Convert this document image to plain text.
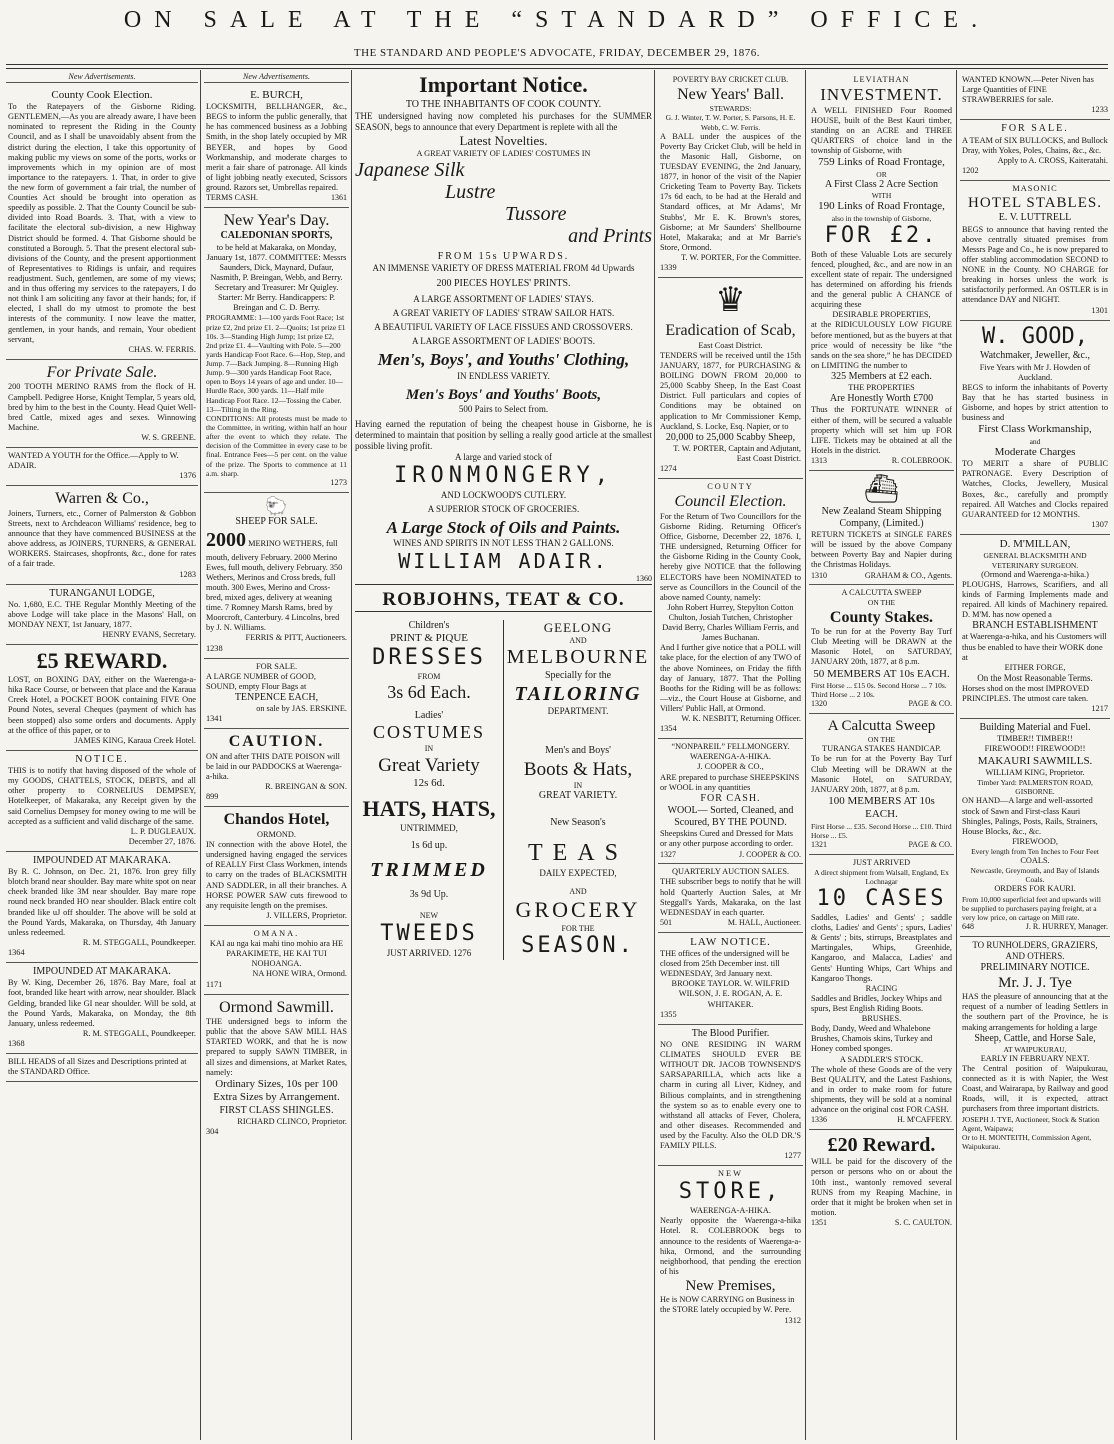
ON SALE AT THE “STANDARD” OFFICE.
THE STANDARD AND PEOPLE'S ADVOCATE, FRIDAY, DECEMBER 29, 1876.
New Advertisements.
County Cook Election.
To the Ratepayers of the Gisborne Riding. GENTLEMEN,—As you are already aware, I have been nominated to represent the Riding in the County Council, and as I shall be unavoidably absent from the district during the election, I take this opportunity of making public my views on some of the ports, works or improvements which in my opinion are of most importance to the ratepayers. 1. That, in order to give the new form of government a fair trial, the number of Counties Act should be brought into operation as speedily as possible. 2. That the County Council be sub-divided into Road Boards. 3. That, with a view to facilitate the electoral sub-division, a new Highway District should be formed. 4. That Gisborne should be constituted a Borough. 5. That the present electoral sub-divisions of the County, and the present apportionment of Representatives to Ridings is unfair, and requires readjustment. Such, gentlemen, are some of my views; and in thus offering my services to the ratepayers, I do not think I am soliciting any favor at their hands; for, if elected, I shall do my utmost to promote the best interests of the community. I now leave the matter, gentlemen, in your hands, and remain, Your obedient servant,
CHAS. W. FERRIS.
For Private Sale.
200 TOOTH MERINO RAMS from the flock of H. Campbell. Pedigree Horse, Knight Templar, 5 years old, bred by him to the best in the County. Head Quiet Well-bred Cattle, mixed ages and sexes. Winnowing Machine.
W. S. GREENE.
WANTED A YOUTH for the Office.—Apply to W. ADAIR.
1376
Warren & Co.,
Joiners, Turners, etc., Corner of Palmerston & Gobbon Streets, next to Archdeacon Williams' residence, beg to announce that they have commenced BUSINESS at the above address, as JOINERS, TURNERS, & GENERAL WORKERS. Staircases, shopfronts, &c., done for rates of a fair trade.
1283
TURANGANUI LODGE,
No. 1,680, E.C. THE Regular Monthly Meeting of the above Lodge will take place in the Masons' Hall, on MONDAY NEXT, 1st January, 1877.
HENRY EVANS, Secretary.
£5 REWARD.
LOST, on BOXING DAY, either on the Waerenga-a-hika Race Course, or between that place and the Karaua Creek Hotel, a POCKET BOOK containing FIVE One Pound Notes, several Cheques (payment of which has been stopped) also some orders and documents. Apply at the office of this paper, or to
JAMES KING, Karaua Creek Hotel.
NOTICE.
THIS is to notify that having disposed of the whole of my GOODS, CHATTELS, STOCK, DEBTS, and all other property to CORNELIUS DEMPSEY, Hotelkeeper, of Makaraka, any Receipt given by the said Cornelius Dempsey for money owing to me will be accepted as a sufficient and valid discharge of the same.
L. P. DUGLEAUX.
December 27, 1876.
IMPOUNDED AT MAKARAKA.
By R. C. Johnson, on Dec. 21, 1876. Iron grey filly blotch brand near shoulder. Bay mare white spot on near cheek branded like 3M near shoulder. Bay mare rope round neck branded HO near shoulder. Black entire colt branded like uJ off shoulder. The above will be sold at the Pound Yards, Makaraka, on Thursday, 4th January unless redeemed.
R. M. STEGGALL, Poundkeeper.
1364
IMPOUNDED AT MAKARAKA.
By W. King, December 26, 1876. Bay Mare, foal at foot, branded like heart with arrow, near shoulder. Black Gelding, branded like GI near shoulder. Will be sold, at the Pound Yards, Makaraka, on Monday, the 8th January, unless redeemed.
R. M. STEGGALL, Poundkeeper.
1368
BILL HEADS of all Sizes and Descriptions printed at the STANDARD Office.
New Advertisements.
E. BURCH,
LOCKSMITH, BELLHANGER, &c., BEGS to inform the public generally, that he has commenced business as a Jobbing Smith, in the shop lately occupied by MR BEYER, and hopes by Good Workmanship, and moderate charges to merit a fair share of patronage. All kinds of light jobbing neatly executed, Scissors ground. Razors set, Umbrellas repaired.
TERMS CASH.	1361
New Year's Day.
CALEDONIAN SPORTS,
to be held at Makaraka, on Monday, January 1st, 1877. COMMITTEE: Messrs Saunders, Dick, Maynard, Dufaur, Nasmith, P. Breingan, Webb, and Berry. Secretary and Treasurer: Mr Quigley. Starter: Mr Berry. Handicappers: P. Breingan and C. D. Berry.
PROGRAMME: 1—100 yards Foot Race; 1st prize £2, 2nd prize £1. 2—Quoits; 1st prize £1 10s. 3—Standing High Jump; 1st prize £2, 2nd prize £1. 4—Vaulting with Pole. 5—200 yards Handicap Foot Race. 6—Hop, Step, and Jump. 7—Back Jumping. 8—Running High Jump. 9—300 yards Handicap Foot Race, open to Boys 14 years of age and under. 10—Hurdle Race, 300 yards. 11—Half mile Handicap Foot Race. 12—Tossing the Caber. 13—Tilting in the Ring.
CONDITIONS: All protests must be made to the Committee, in writing, within half an hour after the event to which they relate. The decision of the Committee in every case to be final. Entrance Fees—5 per cent. on the value of the prize. The Sports to commence at 11 a.m. sharp.
1273
🐑
SHEEP FOR SALE.
2000 MERINO WETHERS, full mouth, delivery February. 2000 Merino Ewes, full mouth, delivery February. 350 Wethers, Merinos and Cross breds, full mouth. 300 Ewes, Merino and Cross-bred, mixed ages, delivery at weaning time. 7 Romney Marsh Rams, bred by Moorcroft, Canterbury. 4 Lincolns, bred by J. N. Williams.
FERRIS & PITT, Auctioneers.
1238
FOR SALE.
A LARGE NUMBER of GOOD, SOUND, empty Flour Bags at
TENPENCE EACH,
on sale by JAS. ERSKINE.
1341
CAUTION.
ON and after THIS DATE POISON will be laid in our PADDOCKS at Waerenga-a-hika.
R. BREINGAN & SON.
899
Chandos Hotel,
ORMOND.
IN connection with the above Hotel, the undersigned having engaged the services of REALLY First Class Workmen, intends to carry on the trades of BLACKSMITH AND SADDLER, in all their branches. A HORSE POWER SAW cuts firewood to any requisite length on the premises.
J. VILLERS, Proprietor.
OMANA.
KAI au nga kai mahi tino mohio ara HE PARAKIMETE, HE KAI TUI NOHOANGA.
NA HONE WIRA, Ormond.
1171
Ormond Sawmill.
THE undersigned begs to inform the public that the above SAW MILL HAS STARTED WORK, and that he is now prepared to supply SAWN TIMBER, in all sizes and dimensions, at Market Rates, namely:
Ordinary Sizes, 10s per 100
Extra Sizes by Arrangement.
FIRST CLASS SHINGLES.
RICHARD CLINCO, Proprietor.
304
Important Notice.
TO THE INHABITANTS OF COOK COUNTY.
THE undersigned having now completed his purchases for the SUMMER SEASON, begs to announce that every Department is replete with all the
Latest Novelties.
A GREAT VARIETY OF LADIES' COSTUMES IN
Japanese Silk
Lustre
Tussore
and Prints
FROM 15s UPWARDS.
AN IMMENSE VARIETY OF DRESS MATERIAL FROM 4d Upwards
200 PIECES HOYLES' PRINTS.
A LARGE ASSORTMENT OF LADIES' STAYS.
A GREAT VARIETY OF LADIES' STRAW SAILOR HATS.
A BEAUTIFUL VARIETY OF LACE FISSUES AND CROSSOVERS.
A LARGE ASSORTMENT OF LADIES' BOOTS.
Men's, Boys', and Youths' Clothing,
IN ENDLESS VARIETY.
Men's Boys' and Youths' Boots,
500 Pairs to Select from.
Having earned the reputation of being the cheapest house in Gisborne, he is determined to maintain that position by selling a really good article at the smallest possible living profit.
A large and varied stock of
IRONMONGERY,
AND LOCKWOOD'S CUTLERY.
A SUPERIOR STOCK OF GROCERIES.
A Large Stock of Oils and Paints.
WINES AND SPIRITS IN NOT LESS THAN 2 GALLONS.
WILLIAM ADAIR.
1360
ROBJOHNS, TEAT & CO.
Children's
PRINT & PIQUE
DRESSES
FROM
3s 6d Each.
Ladies'
COSTUMES
IN
Great Variety
12s 6d.
HATS, HATS,
UNTRIMMED,
1s 6d up.
TRIMMED
3s 9d Up.
NEW
TWEEDS
JUST ARRIVED. 1276
GEELONG
AND
MELBOURNE
Specially for the
TAILORING
DEPARTMENT.
Men's and Boys'
Boots & Hats,
IN
GREAT VARIETY.
New Season's
TEAS
DAILY EXPECTED,
AND
GROCERY
FOR THE
SEASON.
POVERTY BAY CRICKET CLUB.
New Years' Ball.
STEWARDS:
G. J. Winter, T. W. Porter, S. Parsons, H. E. Webb, C. W. Ferris.
A BALL under the auspices of the Poverty Bay Cricket Club, will be held in the Masonic Hall, Gisborne, on TUESDAY EVENING, the 2nd January, 1877, in honor of the visit of the Napier Cricketing Team to Poverty Bay. Tickets 17s 6d each, to be had at the Herald and Standard offices, at Mr Adams', Mr Stubbs', Mr E. K. Brown's stores, Gisborne; at Mr Saunders' Shellbourne Hotel, Makaraka; and at Mr Barrie's Store, Ormond.
T. W. PORTER, For the Committee.
1339
♛
Eradication of Scab,
East Coast District.
TENDERS will be received until the 15th JANUARY, 1877, for PURCHASING & BOILING DOWN FROM 20,000 to 25,000 Scabby Sheep, In the East Coast District. Full particulars and copies of Conditions may be obtained on application to Mr Commissioner Kemp, Auckland, S. Locke, Esq. Napier, or to
20,000 to 25,000 Scabby Sheep,
T. W. PORTER, Captain and Adjutant, East Coast District.
1274
COUNTY
Council Election.
For the Return of Two Councillors for the Gisborne Riding. Returning Officer's Office, Gisborne, December 22, 1876. I, THE undersigned, Returning Officer for the Gisborne Riding in the County Cook, hereby give NOTICE that the following ELECTORS have been NOMINATED to serve as Councillors in the Council of the above named County, namely:
John Robert Hurrey, Stepylton Cotton Chulton, Josiah Tutchen, Christopher David Berry, Charles William Ferris, and James Buchanan.
And I further give notice that a POLL will take place, for the election of any TWO of the above Nominees, on Friday the fifth day of January, 1877. That the Polling Booths for the Riding will be as follows:—viz., the Court House at Gisborne, and Villers' Public Hall, at Ormond.
W. K. NESBITT, Returning Officer.
1354
“NONPAREIL” FELLMONGERY.
WAERENGA-A-HIKA.
J. COOPER & CO.,
ARE prepared to purchase SHEEPSKINS or WOOL in any quantities
FOR CASH.
WOOL— Sorted, Cleaned, and Scoured, BY THE POUND.
Sheepskins Cured and Dressed for Mats or any other purpose according to order.
1327	J. COOPER & CO.
QUARTERLY AUCTION SALES.
THE subscriber begs to notify that he will hold Quarterly Auction Sales, at Mr Steggall's Yards, Makaraka, on the last WEDNESDAY in each quarter.
501	M. HALL, Auctioneer.
LAW NOTICE.
THE offices of the undersigned will be closed from 25th December inst. till WEDNESDAY, 3rd January next.
BROOKE TAYLOR. W. WILFRID WILSON, J. E. ROGAN, A. E. WHITAKER.
1355
The Blood Purifier.
NO ONE RESIDING IN WARM CLIMATES SHOULD EVER BE WITHOUT DR. JACOB TOWNSEND'S SARSAPARILLA, which acts like a charm in curing all Liver, Kidney, and Bilious complaints, and in strengthening the system so as to enable every one to withstand all attacks of Fever, Cholera, and other diseases. Recommended and used by the Faculty. Also the OLD DR.'S FAMILY PILLS.
1277
NEW
STORE,
WAERENGA-A-HIKA.
Nearly opposite the Waerenga-a-hika Hotel. R. COLEBROOK begs to announce to the residents of Waerenga-a-hika, Ormond, and the surrounding neighborhood, that pending the erection of his
New Premises,
He is NOW CARRYING on Business in the STORE lately occupied by W. Pere.
1312
LEVIATHAN
INVESTMENT.
A WELL FINISHED Four Roomed HOUSE, built of the Best Kauri timber, standing on an ACRE and THREE QUARTERS of choice land in the township of Gisborne, with
759 Links of Road Frontage,
OR
A First Class 2 Acre Section
WITH
190 Links of Road Frontage,
also in the township of Gisborne,
FOR £2.
Both of these Valuable Lots are securely fenced, ploughed, &c., and are now in an excellent state of repair. The undersigned has determined on affording his friends and the general public A CHANCE of acquiring these
DESIRABLE PROPERTIES,
at the RIDICULOUSLY LOW FIGURE before mentioned, but as the buyers at that price would of necessity be like “the sands on the sea shore,” he has DECIDED on LIMITING the number to
325 Members at £2 each.
THE PROPERTIES
Are Honestly Worth £700
Thus the FORTUNATE WINNER of either of them, will be secured a valuable property which will set him up FOR LIFE. Tickets may be obtained at all the Hotels in the district.
1313	R. COLEBROOK.
⛴
New Zealand Steam Shipping Company, (Limited.)
RETURN TICKETS at SINGLE FARES will be issued by the above Company between Poverty Bay and Napier during the Christmas Holidays.
1310	GRAHAM & CO., Agents.
A CALCUTTA SWEEP
ON THE
County Stakes.
To be run for at the Poverty Bay Turf Club Meeting will be DRAWN at the Masonic Hotel, on SATURDAY, JANUARY 20th, 1877, at 8 p.m.
50 MEMBERS AT 10s EACH.
First Horse ... £15 0s. Second Horse ... 7 10s. Third Horse ... 2 10s.
1320	PAGE & CO.
A Calcutta Sweep
ON THE
TURANGA STAKES HANDICAP.
To be run for at the Poverty Bay Turf Club Meeting will be DRAWN at the Masonic Hotel, on SATURDAY, JANUARY 20th, 1877, at 8 p.m.
100 MEMBERS AT 10s EACH.
First Horse ... £35. Second Horse ... £10. Third Horse ... £5.
1321	PAGE & CO.
JUST ARRIVED
A direct shipment from Walsall, England, Ex Lochnagar
10 CASES
Saddles, Ladies' and Gents' ; saddle cloths, Ladies' and Gents' ; spurs, Ladies' & Gents' ; bits, stirrups, Breastplates and Martingales, Whips, Greenhide, Kangaroo, and Malacca, Ladies' and Gents' Hunting Whips, Cart Whips and Kangaroo Thongs.
RACING
Saddles and Bridles, Jockey Whips and spurs, Best English Riding Boots.
BRUSHES.
Body, Dandy, Weed and Whalebone Brushes, Chamois skins, Turkey and Honey combed sponges.
A SADDLER'S STOCK.
The whole of these Goods are of the very Best QUALITY, and the Latest Fashions, and in order to make room for future shipments, they will be sold at a nominal advance on the original cost FOR CASH.
1336	H. M'CAFFERY.
£20 Reward.
WILL be paid for the discovery of the person or persons who on or about the 10th inst., wantonly removed several RUNS from my Reaping Machine, in order that it might be broken when set in motion.
1351	S. C. CAULTON.
WANTED KNOWN.—Peter Niven has Large Quantities of FINE STRAWBERRIES for sale.
1233
FOR SALE.
A TEAM of SIX BULLOCKS, and Bullock Dray, with Yokes, Poles, Chains, &c., &c.
Apply to A. CROSS, Kaiteratahi.
1202
MASONIC
HOTEL STABLES.
E. V. LUTTRELL
BEGS to announce that having rented the above centrally situated premises from Messrs Page and Co., he is now prepared to offer stabling accommodation SECOND to NONE in the County. NO CHARGE for breaking in horses unless the work is satisfactorily performed. An OSTLER is in attendance DAY and NIGHT.
1301
W. GOOD,
Watchmaker, Jeweller, &c.,
Five Years with Mr J. Howden of Auckland.
BEGS to inform the inhabitants of Poverty Bay that he has started business in Gisborne, and hopes by strict attention to business and
First Class Workmanship,
and
Moderate Charges
TO MERIT a share of PUBLIC PATRONAGE. Every Description of Watches, Clocks, Jewellery, Musical Boxes, &c., carefully and promptly repaired. All Watches and Clocks repaired GUARANTEED for 12 MONTHS.
1307
D. M'MILLAN,
GENERAL BLACKSMITH AND VETERINARY SURGEON.
(Ormond and Waerenga-a-hika.)
PLOUGHS, Harrows, Scarifiers, and all kinds of Farming Implements made and repaired. All kinds of Machinery repaired. D. M'M. has now opened a
BRANCH ESTABLISHMENT
at Waerenga-a-hika, and his Customers will thus be enabled to have their WORK done at
EITHER FORGE,
On the Most Reasonable Terms.
Horses shod on the most IMPROVED PRINCIPLES. The utmost care taken.
1217
Building Material and Fuel.
TIMBER!! TIMBER!!
FIREWOOD!! FIREWOOD!!
MAKAURI SAWMILLS.
WILLIAM KING, Proprietor.
Timber Yard: PALMERSTON ROAD, GISBORNE.
ON HAND—A large and well-assorted stock of Sawn and First-class Kauri Shingles, Palings, Posts, Rails, Strainers, House Blocks, &c., &c.
FIREWOOD,
Every length from Ten Inches to Four Feet
COALS.
Newcastle, Greymouth, and Bay of Islands Coals.
ORDERS FOR KAURI.
From 10,000 superficial feet and upwards will be supplied to purchasers paying freight, at a very low price, on cartage on Mill rate.
648	J. R. HURREY, Manager.
TO RUNHOLDERS, GRAZIERS, AND OTHERS.
PRELIMINARY NOTICE.
Mr. J. J. Tye
HAS the pleasure of announcing that at the request of a number of leading Settlers in the southern part of the Province, he is making arrangements for holding a large
Sheep, Cattle, and Horse Sale,
AT WAIPUKURAU,
EARLY IN FEBRUARY NEXT.
The Central position of Waipukurau, connected as it is with Napier, the West Coast, and Wairarapa, by Railway and good Roads, will, it is expected, attract purchasers from three important districts.
JOSEPH J. TYE, Auctioneer, Stock & Station Agent, Waipawa;
Or to H. MONTEITH, Commission Agent, Waipukurau.
